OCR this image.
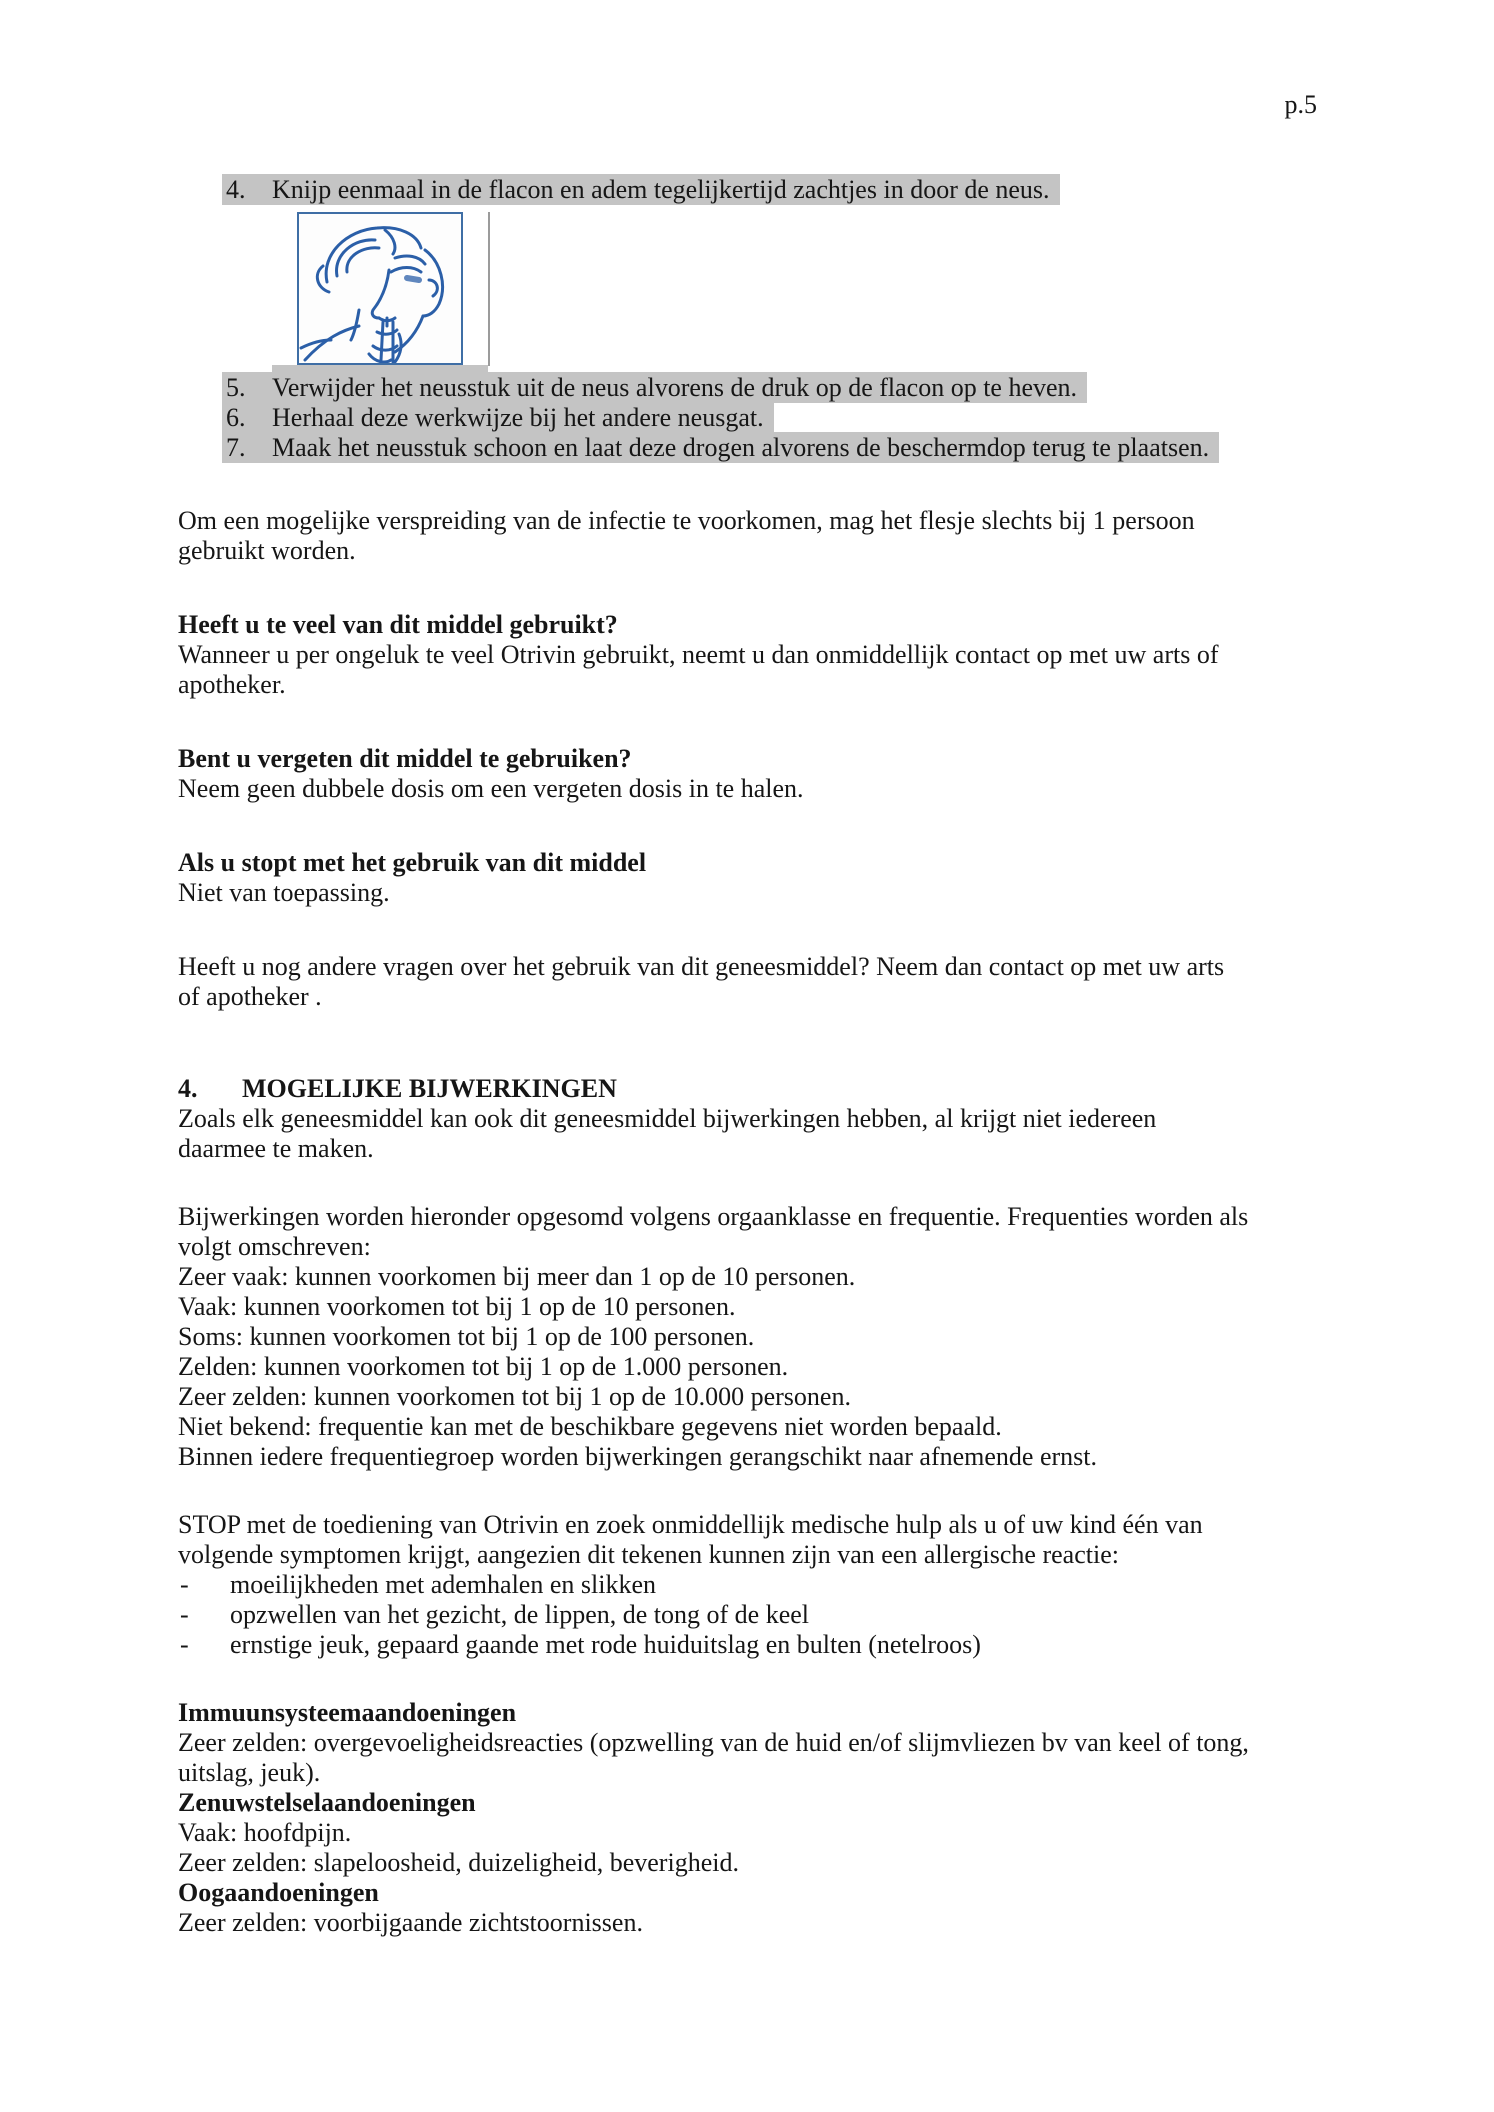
p.5
4. Knijp eenmaal in de flacon en adem tegelijkertijd zachtjes in door de neus.
5. Verwijder het neusstuk uit de neus alvorens de druk op de flacon op te heven.
6. Herhaal deze werkwijze bij het andere neusgat.
7. Maak het neusstuk schoon en laat deze drogen alvorens de beschermdop terug te plaatsen.
Om een mogelijke verspreiding van de infectie te voorkomen, mag het flesje slechts bij 1 persoon
gebruikt worden.
Heeft u te veel van dit middel gebruikt?
Wanneer u per ongeluk te veel Otrivin gebruikt, neemt u dan onmiddellijk contact op met uw arts of
apotheker.
Bent u vergeten dit middel te gebruiken?
Neem geen dubbele dosis om een vergeten dosis in te halen.
Als u stopt met het gebruik van dit middel
Niet van toepassing.
Heeft u nog andere vragen over het gebruik van dit geneesmiddel? Neem dan contact op met uw arts
of apotheker .
4. MOGELIJKE BIJWERKINGEN
Zoals elk geneesmiddel kan ook dit geneesmiddel bijwerkingen hebben, al krijgt niet iedereen
daarmee te maken.
Bijwerkingen worden hieronder opgesomd volgens orgaanklasse en frequentie. Frequenties worden als
volgt omschreven:
Zeer vaak: kunnen voorkomen bij meer dan 1 op de 10 personen.
Vaak: kunnen voorkomen tot bij 1 op de 10 personen.
Soms: kunnen voorkomen tot bij 1 op de 100 personen.
Zelden: kunnen voorkomen tot bij 1 op de 1.000 personen.
Zeer zelden: kunnen voorkomen tot bij 1 op de 10.000 personen.
Niet bekend: frequentie kan met de beschikbare gegevens niet worden bepaald.
Binnen iedere frequentiegroep worden bijwerkingen gerangschikt naar afnemende ernst.
STOP met de toediening van Otrivin en zoek onmiddellijk medische hulp als u of uw kind één van
volgende symptomen krijgt, aangezien dit tekenen kunnen zijn van een allergische reactie:
- moeilijkheden met ademhalen en slikken
- opzwellen van het gezicht, de lippen, de tong of de keel
- ernstige jeuk, gepaard gaande met rode huiduitslag en bulten (netelroos)
Immuunsysteemaandoeningen
Zeer zelden: overgevoeligheidsreacties (opzwelling van de huid en/of slijmvliezen bv van keel of tong,
uitslag, jeuk).
Zenuwstelselaandoeningen
Vaak: hoofdpijn.
Zeer zelden: slapeloosheid, duizeligheid, beverigheid.
Oogaandoeningen
Zeer zelden: voorbijgaande zichtstoornissen.
